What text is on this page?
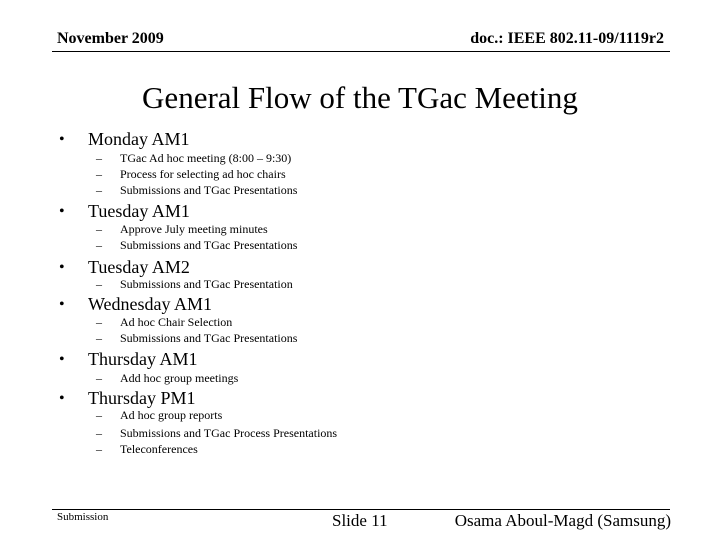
November 2009	doc.: IEEE 802.11-09/1119r2
General Flow of the TGac Meeting
• Monday AM1
– TGac Ad hoc meeting (8:00 – 9:30)
– Process for selecting ad hoc chairs
– Submissions and TGac Presentations
• Tuesday AM1
– Approve July meeting minutes
– Submissions and TGac Presentations
• Tuesday AM2
– Submissions and TGac Presentation
• Wednesday AM1
– Ad hoc Chair Selection
– Submissions and TGac Presentations
• Thursday AM1
– Add hoc group meetings
• Thursday PM1
– Ad hoc group reports
– Submissions and TGac Process Presentations
– Teleconferences
Submission	Slide 11	Osama Aboul-Magd (Samsung)
